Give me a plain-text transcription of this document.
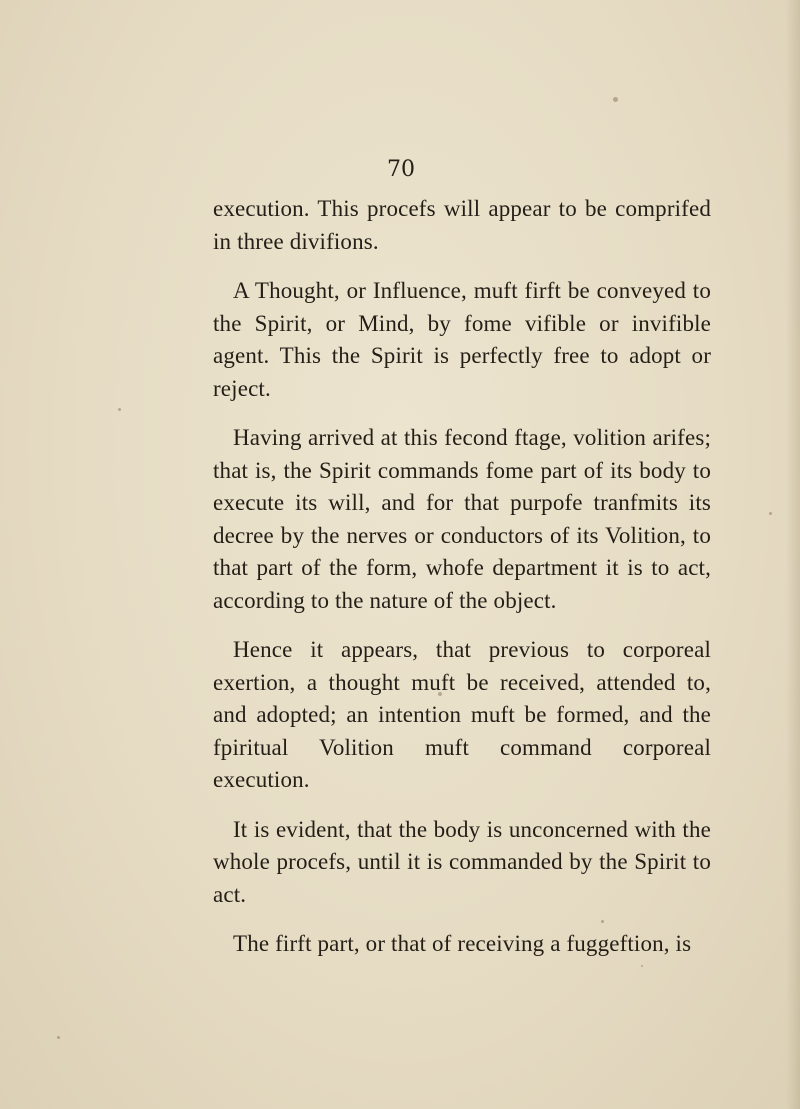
70

execution. This procefs will appear to be comprifed in three divifions.

A Thought, or Influence, muft firft be conveyed to the Spirit, or Mind, by fome vifible or invifible agent. This the Spirit is perfectly free to adopt or reject.

Having arrived at this fecond ftage, volition arifes; that is, the Spirit commands fome part of its body to execute its will, and for that purpofe tranfmits its decree by the nerves or conductors of its Volition, to that part of the form, whofe department it is to act, according to the nature of the object.

Hence it appears, that previous to corporeal exertion, a thought muft be received, attended to, and adopted; an intention muft be formed, and the fpiritual Volition muft command corporeal execution.

It is evident, that the body is unconcerned with the whole procefs, until it is commanded by the Spirit to act.

The firft part, or that of receiving a fuggeftion, is
